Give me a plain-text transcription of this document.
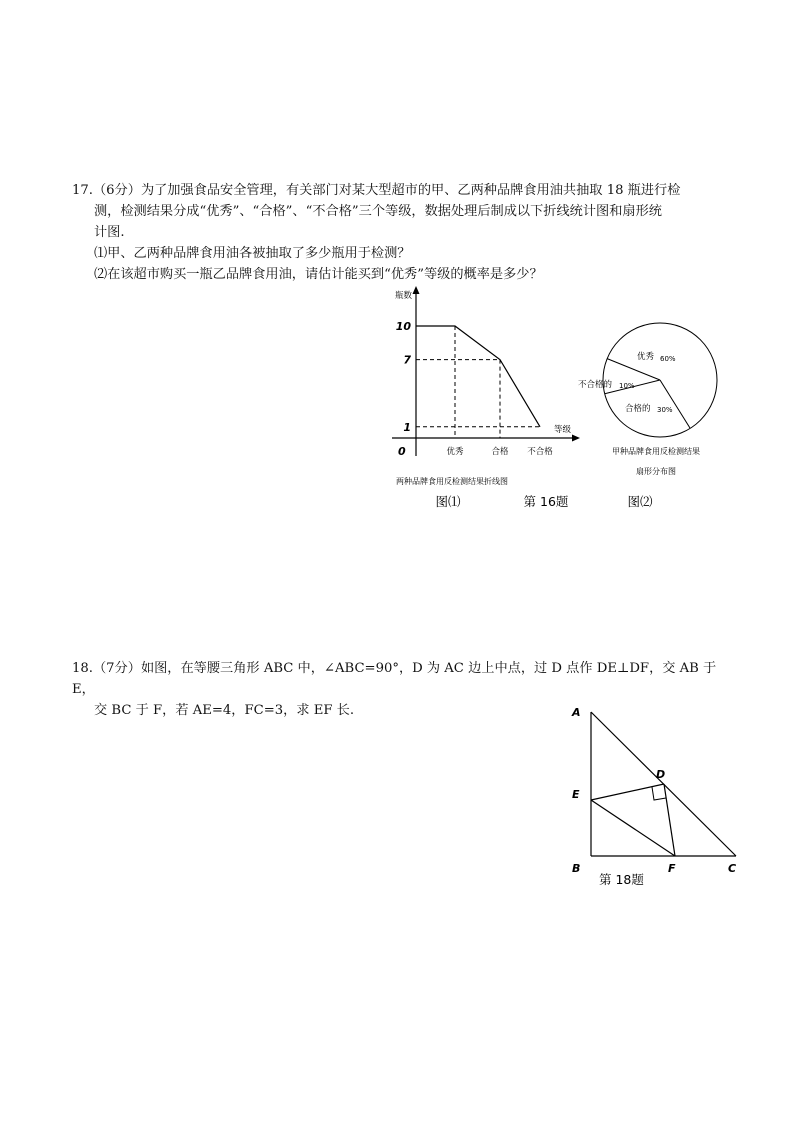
17.（6分）为了加强食品安全管理，有关部门对某大型超市的甲、乙两种品牌食用油共抽取 18 瓶进行检
测，检测结果分成“优秀”、“合格”、“不合格”三个等级，数据处理后制成以下折线统计图和扇形统
计图.
⑴甲、乙两种品牌食用油各被抽取了多少瓶用于检测？
⑵在该超市购买一瓶乙品牌食用油，请估计能买到“优秀”等级的概率是多少？
瓶数
等级
0
10
7
1
优秀	合格 不合格
两种品牌食用反检测结果折线图
优秀 60%
不合格的 10%
合格的 30%
甲种品牌食用反检测结果
扇形分布图
图⑴	第 16题	图⑵
18.（7分）如图，在等腰三角形 ABC 中，∠ABC=90°，D 为 AC 边上中点，过 D 点作 DE⊥DF，交 AB 于 E，
交 BC 于 F，若 AE=4，FC=3，求 EF 长.	A
E
B
D
F	C
第 18题
